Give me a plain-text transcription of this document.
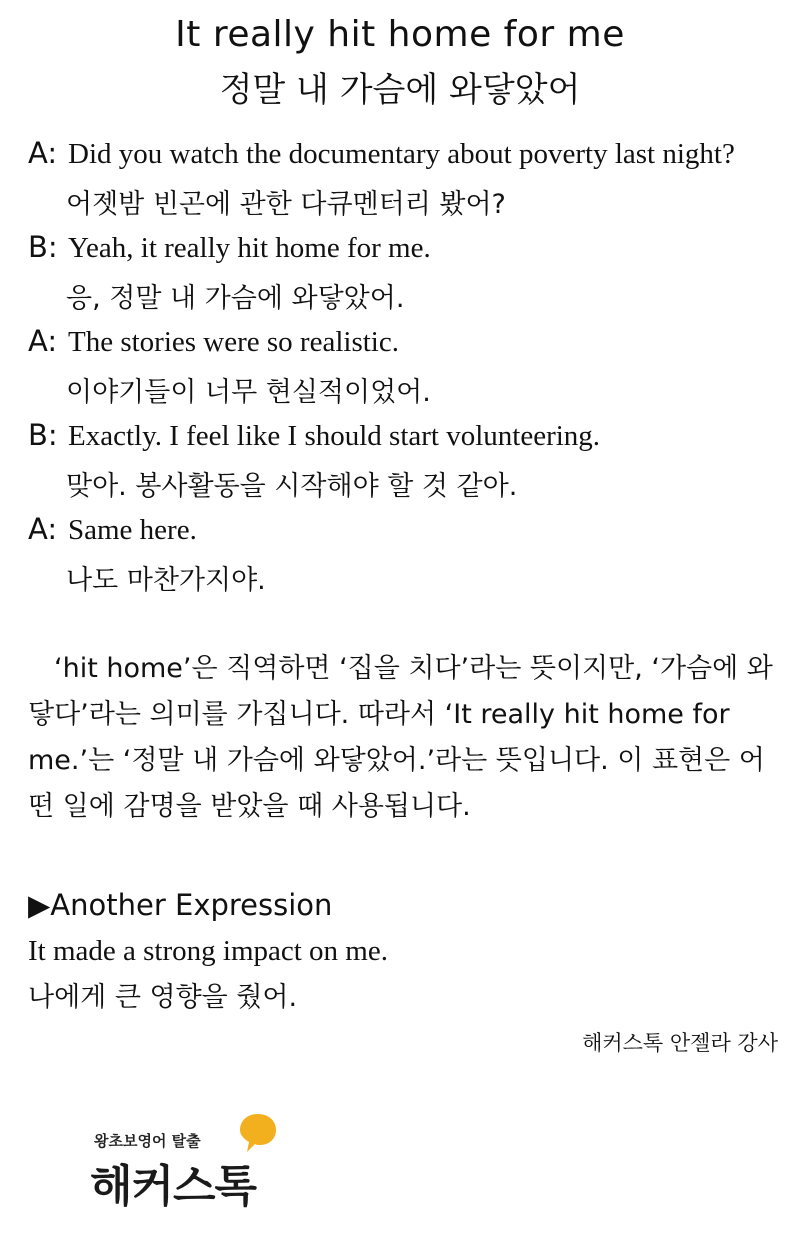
It really hit home for me
정말 내 가슴에 와닿았어
A: Did you watch the documentary about poverty last night?
어젯밤 빈곤에 관한 다큐멘터리 봤어?
B: Yeah, it really hit home for me.
응, 정말 내 가슴에 와닿았어.
A: The stories were so realistic.
이야기들이 너무 현실적이었어.
B: Exactly. I feel like I should start volunteering.
맞아. 봉사활동을 시작해야 할 것 같아.
A: Same here.
나도 마찬가지야.

‘hit home’은 직역하면 ‘집을 치다’라는 뜻이지만, ‘가슴에 와닿다’라는 의미를 가집니다. 따라서 ‘It really hit home for me.’는 ‘정말 내 가슴에 와닿았어.’라는 뜻입니다. 이 표현은 어떤 일에 감명을 받았을 때 사용됩니다.

▶Another Expression
It made a strong impact on me.
나에게 큰 영향을 줬어.
해커스톡 안젤라 강사
왕초보영어 탈출
해커스톡
